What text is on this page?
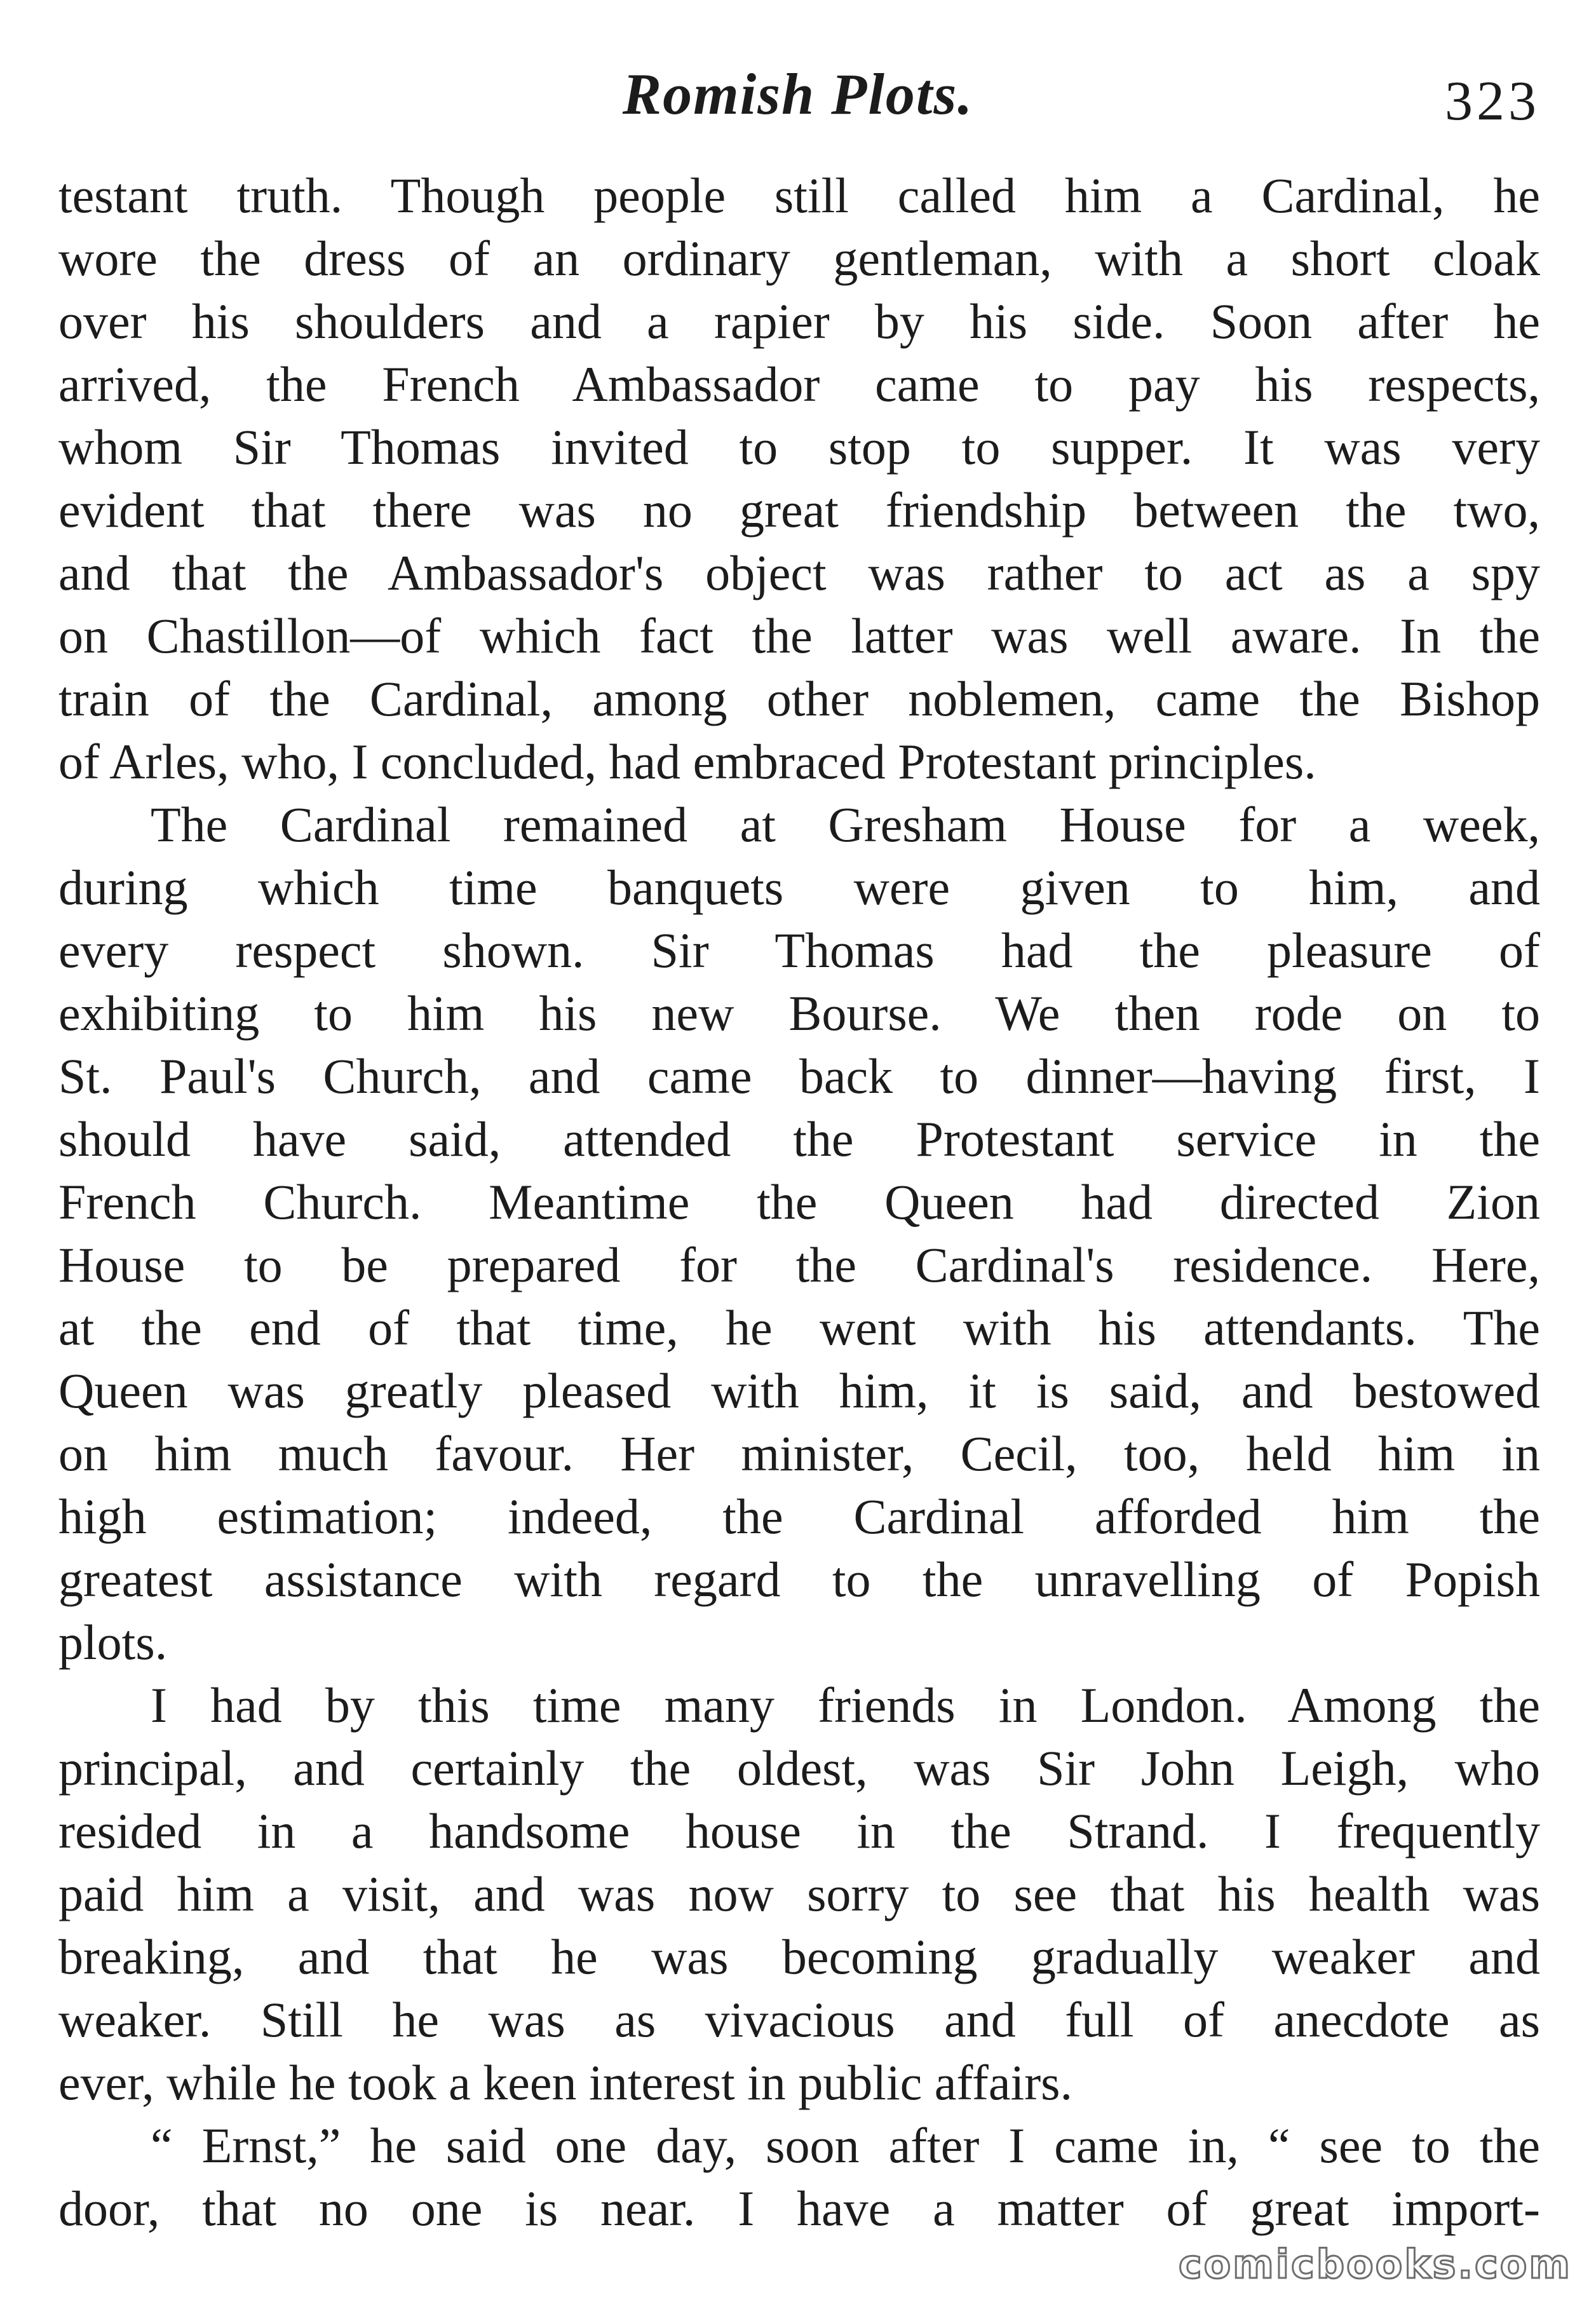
Romish Plots.	323
testant truth. Though people still called him a Cardinal, he
wore the dress of an ordinary gentleman, with a short cloak
over his shoulders and a rapier by his side. Soon after he
arrived, the French Ambassador came to pay his respects,
whom Sir Thomas invited to stop to supper. It was very
evident that there was no great friendship between the two,
and that the Ambassador's object was rather to act as a spy
on Chastillon—of which fact the latter was well aware. In the
train of the Cardinal, among other noblemen, came the Bishop
of Arles, who, I concluded, had embraced Protestant principles.
The Cardinal remained at Gresham House for a week,
during which time banquets were given to him, and
every respect shown. Sir Thomas had the pleasure of
exhibiting to him his new Bourse. We then rode on to
St. Paul's Church, and came back to dinner—having first, I
should have said, attended the Protestant service in the
French Church. Meantime the Queen had directed Zion
House to be prepared for the Cardinal's residence. Here,
at the end of that time, he went with his attendants. The
Queen was greatly pleased with him, it is said, and bestowed
on him much favour. Her minister, Cecil, too, held him in
high estimation; indeed, the Cardinal afforded him the
greatest assistance with regard to the unravelling of Popish
plots.
I had by this time many friends in London. Among the
principal, and certainly the oldest, was Sir John Leigh, who
resided in a handsome house in the Strand. I frequently
paid him a visit, and was now sorry to see that his health was
breaking, and that he was becoming gradually weaker and
weaker. Still he was as vivacious and full of anecdote as
ever, while he took a keen interest in public affairs.
“ Ernst,” he said one day, soon after I came in, “ see to the
door, that no one is near. I have a matter of great import-
comicbooks.com
